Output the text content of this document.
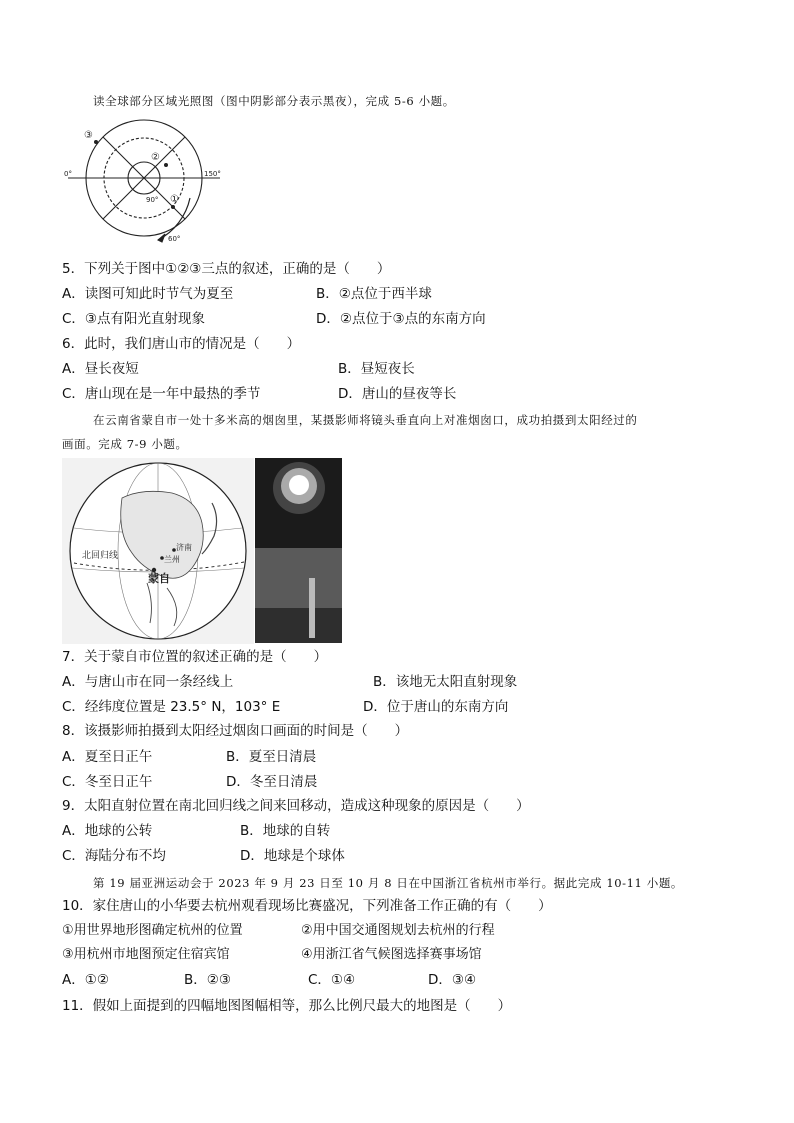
读全球部分区域光照图（图中阴影部分表示黑夜），完成 5-6 小题。
③
②
①
0°	150°
90°
60°
5．下列关于图中①②③三点的叙述，正确的是（　　）
A．读图可知此时节气为夏至	B．②点位于西半球
C．③点有阳光直射现象	D．②点位于③点的东南方向
6．此时，我们唐山市的情况是（　　）
A．昼长夜短	B．昼短夜长
C．唐山现在是一年中最热的季节	D．唐山的昼夜等长
在云南省蒙自市一处十多米高的烟囱里，某摄影师将镜头垂直向上对准烟囱口，成功拍摄到太阳经过的
画面。完成 7-9 小题。
济南
兰州
蒙自
北回归线
7．关于蒙自市位置的叙述正确的是（　　）
A．与唐山市在同一条经线上	B．该地无太阳直射现象
C．经纬度位置是 23.5° N，103° E	D．位于唐山的东南方向
8．该摄影师拍摄到太阳经过烟囱口画面的时间是（　　）
A．夏至日正午	B．夏至日清晨
C．冬至日正午	D．冬至日清晨
9．太阳直射位置在南北回归线之间来回移动，造成这种现象的原因是（　　）
A．地球的公转	B．地球的自转
C．海陆分布不均	D．地球是个球体
第 19 届亚洲运动会于 2023 年 9 月 23 日至 10 月 8 日在中国浙江省杭州市举行。据此完成 10-11 小题。
10．家住唐山的小华要去杭州观看现场比赛盛况，下列准备工作正确的有（　　）
①用世界地形图确定杭州的位置	②用中国交通图规划去杭州的行程
③用杭州市地图预定住宿宾馆	④用浙江省气候图选择赛事场馆
A．①②	B．②③	C．①④	D．③④
11．假如上面提到的四幅地图图幅相等，那么比例尺最大的地图是（　　）
